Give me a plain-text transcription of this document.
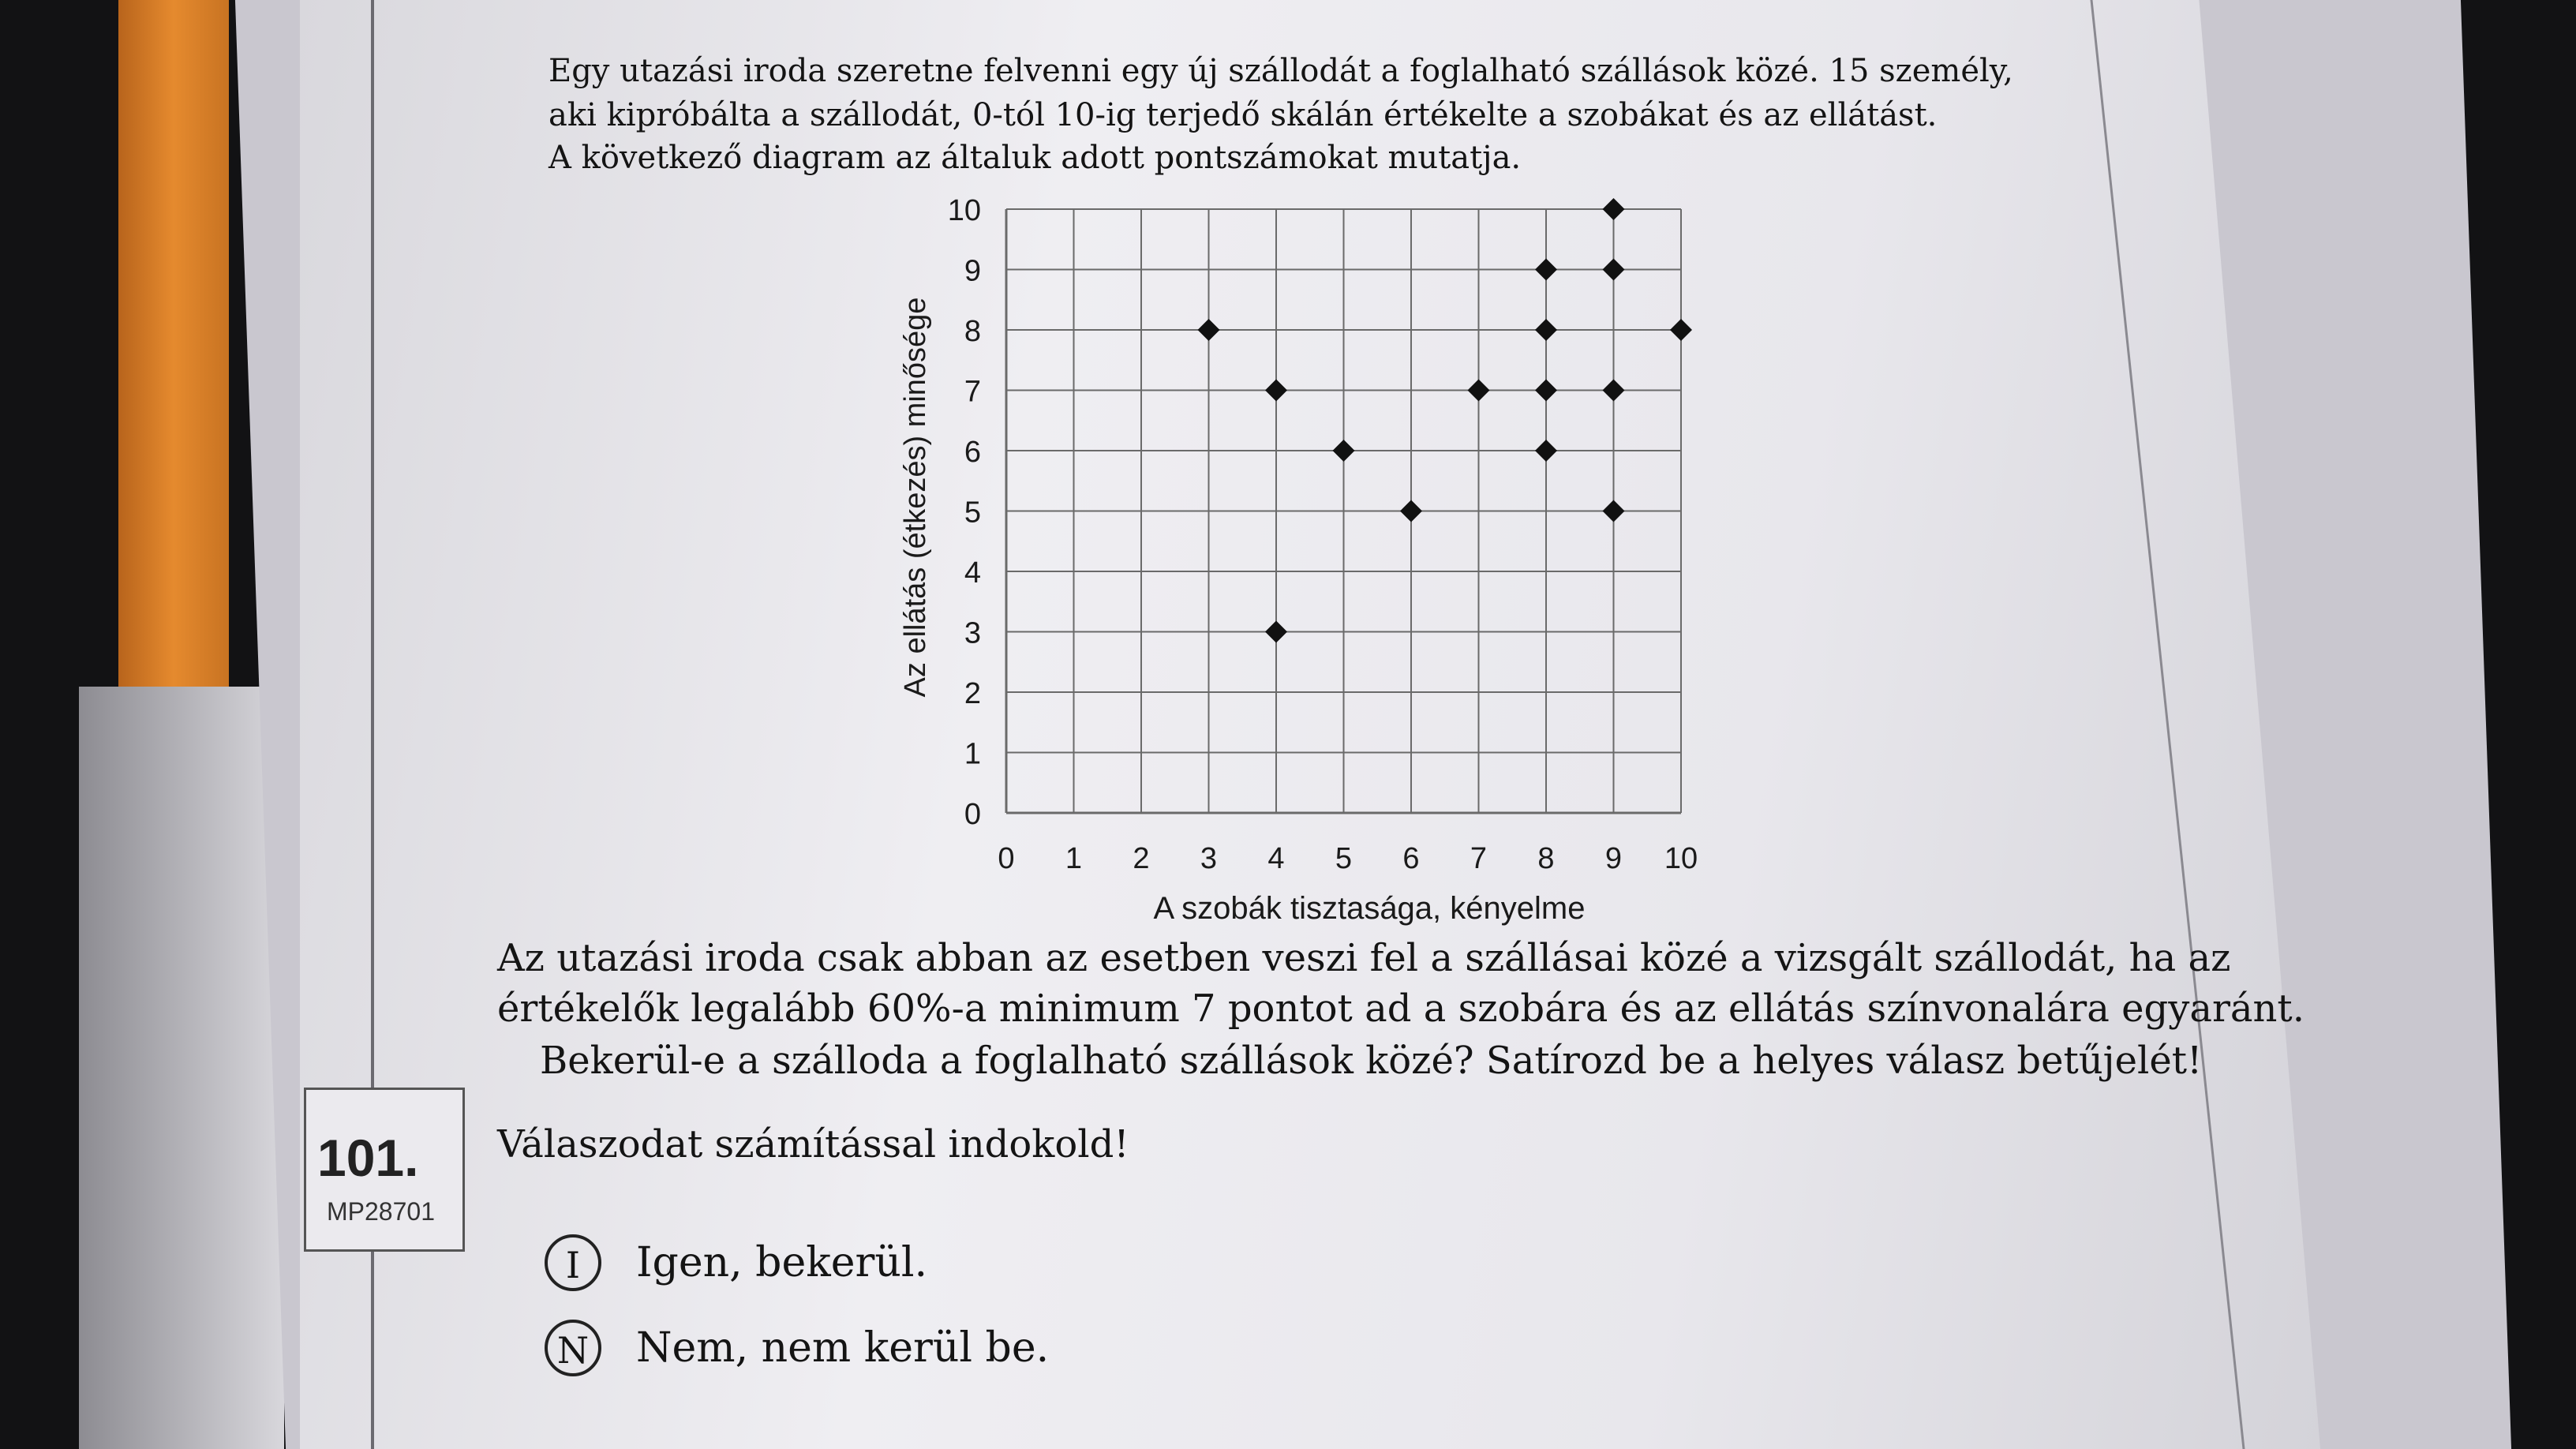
Egy utazási iroda szeretne felvenni egy új szállodát a foglalható szállások közé. 15 személy,
aki kipróbálta a szállodát, 0-tól 10-ig terjedő skálán értékelte a szobákat és az ellátást.
A következő diagram az általuk adott pontszámokat mutatja.
0
1
2
3
4
5
6
7
8
9
10
0 1 2 3 4 5 6 7 8 9 10
A szobák tisztasága, kényelme
Az ellátás (étkezés) minősége
Az utazási iroda csak abban az esetben veszi fel a szállásai közé a vizsgált szállodát, ha az
értékelők legalább 60%-a minimum 7 pontot ad a szobára és az ellátás színvonalára egyaránt.
Bekerül-e a szálloda a foglalható szállások közé? Satírozd be a helyes válasz betűjelét!
Válaszodat számítással indokold!
101.
MP28701
I Igen, bekerül.
N Nem, nem kerül be.
